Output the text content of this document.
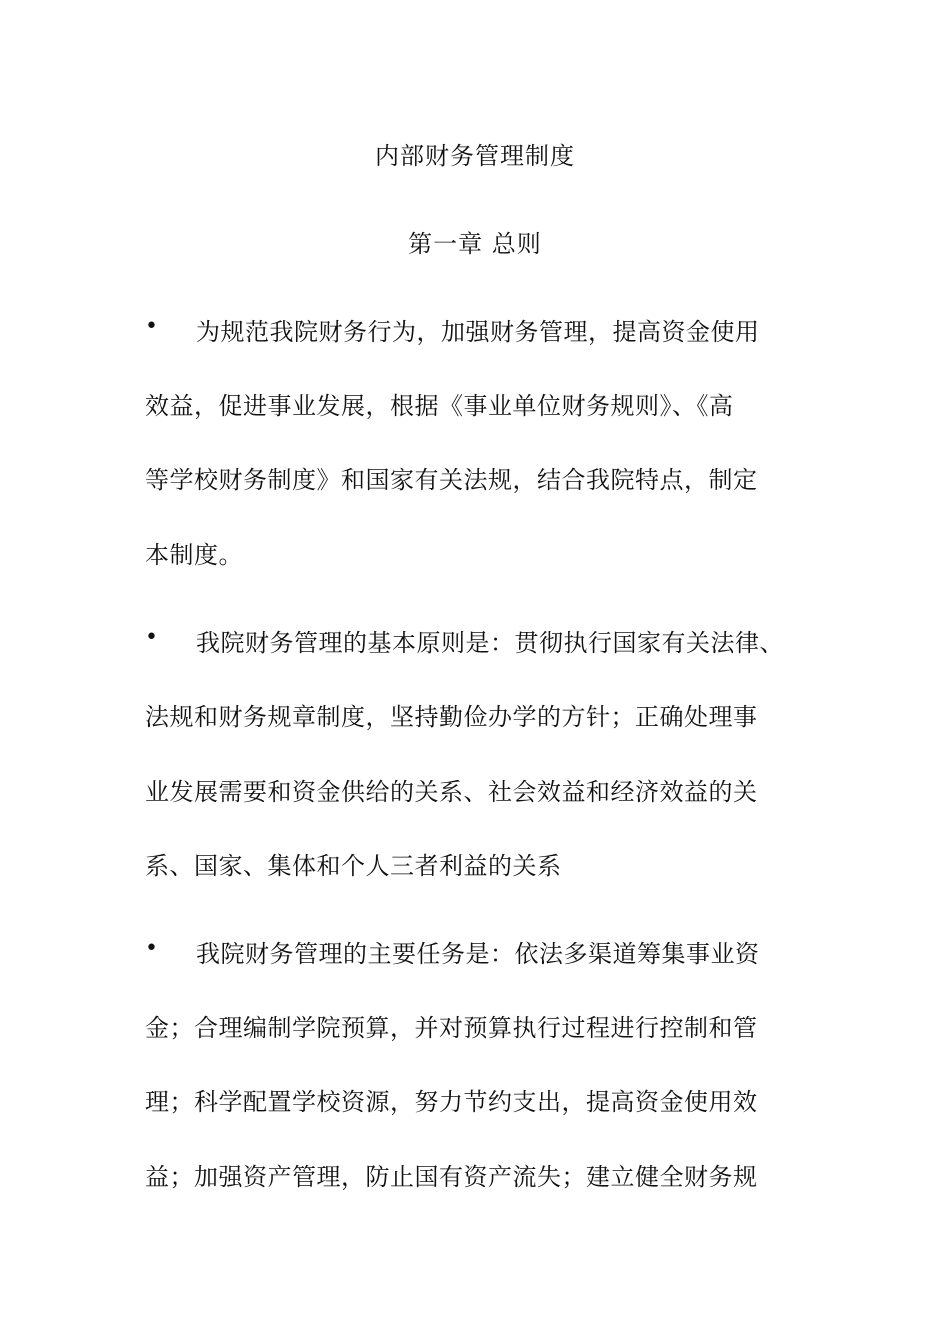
内部财务管理制度
第一章 总则
• 为规范我院财务行为，加强财务管理，提高资金使用
效益，促进事业发展，根据《事业单位财务规则》、《高
等学校财务制度》和国家有关法规，结合我院特点，制定
本制度。
• 我院财务管理的基本原则是：贯彻执行国家有关法律、
法规和财务规章制度，坚持勤俭办学的方针；正确处理事
业发展需要和资金供给的关系、社会效益和经济效益的关
系、国家、集体和个人三者利益的关系
• 我院财务管理的主要任务是：依法多渠道筹集事业资
金；合理编制学院预算，并对预算执行过程进行控制和管
理；科学配置学校资源，努力节约支出，提高资金使用效
益；加强资产管理，防止国有资产流失；建立健全财务规
